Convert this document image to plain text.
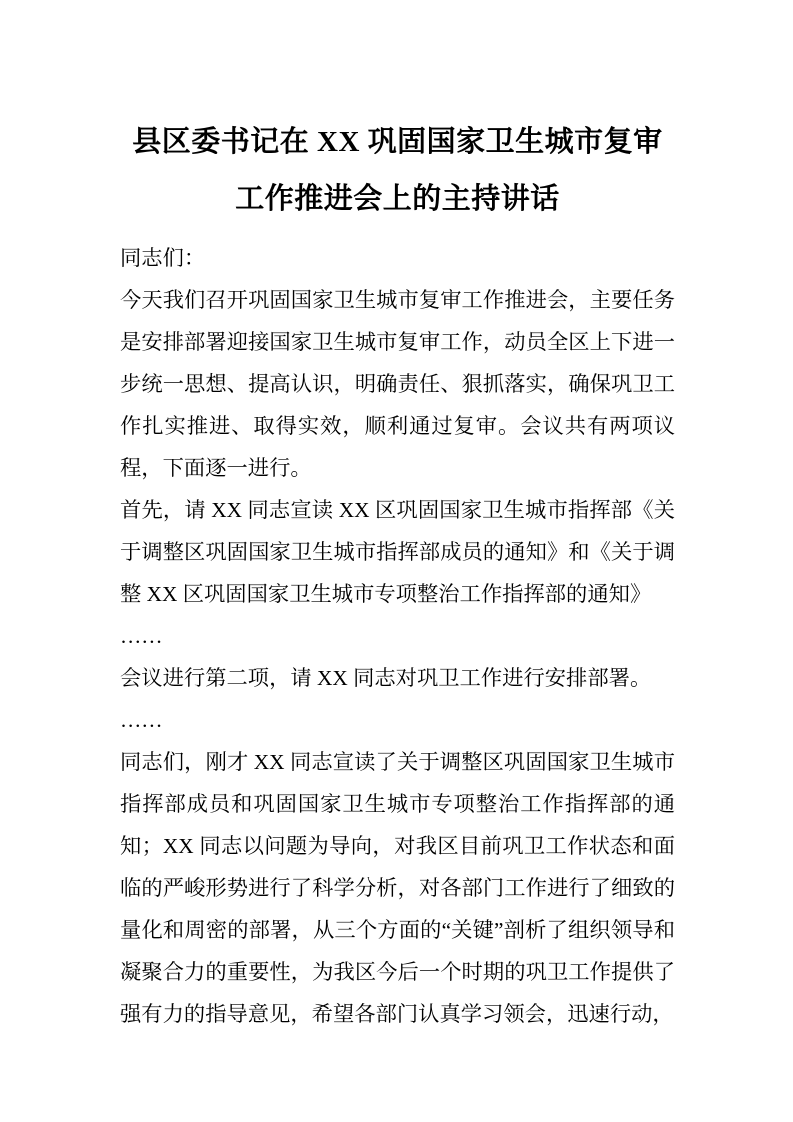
县区委书记在 XX 巩固国家卫生城市复审工作推进会上的主持讲话

同志们：

今天我们召开巩固国家卫生城市复审工作推进会，主要任务是安排部署迎接国家卫生城市复审工作，动员全区上下进一步统一思想、提高认识，明确责任、狠抓落实，确保巩卫工作扎实推进、取得实效，顺利通过复审。会议共有两项议程，下面逐一进行。

首先，请 XX 同志宣读 XX 区巩固国家卫生城市指挥部《关于调整区巩固国家卫生城市指挥部成员的通知》和《关于调整 XX 区巩固国家卫生城市专项整治工作指挥部的通知》

……

会议进行第二项，请 XX 同志对巩卫工作进行安排部署。

……

同志们，刚才 XX 同志宣读了关于调整区巩固国家卫生城市指挥部成员和巩固国家卫生城市专项整治工作指挥部的通知；XX 同志以问题为导向，对我区目前巩卫工作状态和面临的严峻形势进行了科学分析，对各部门工作进行了细致的量化和周密的部署，从三个方面的“关键”剖析了组织领导和凝聚合力的重要性，为我区今后一个时期的巩卫工作提供了强有力的指导意见，希望各部门认真学习领会，迅速行动，
